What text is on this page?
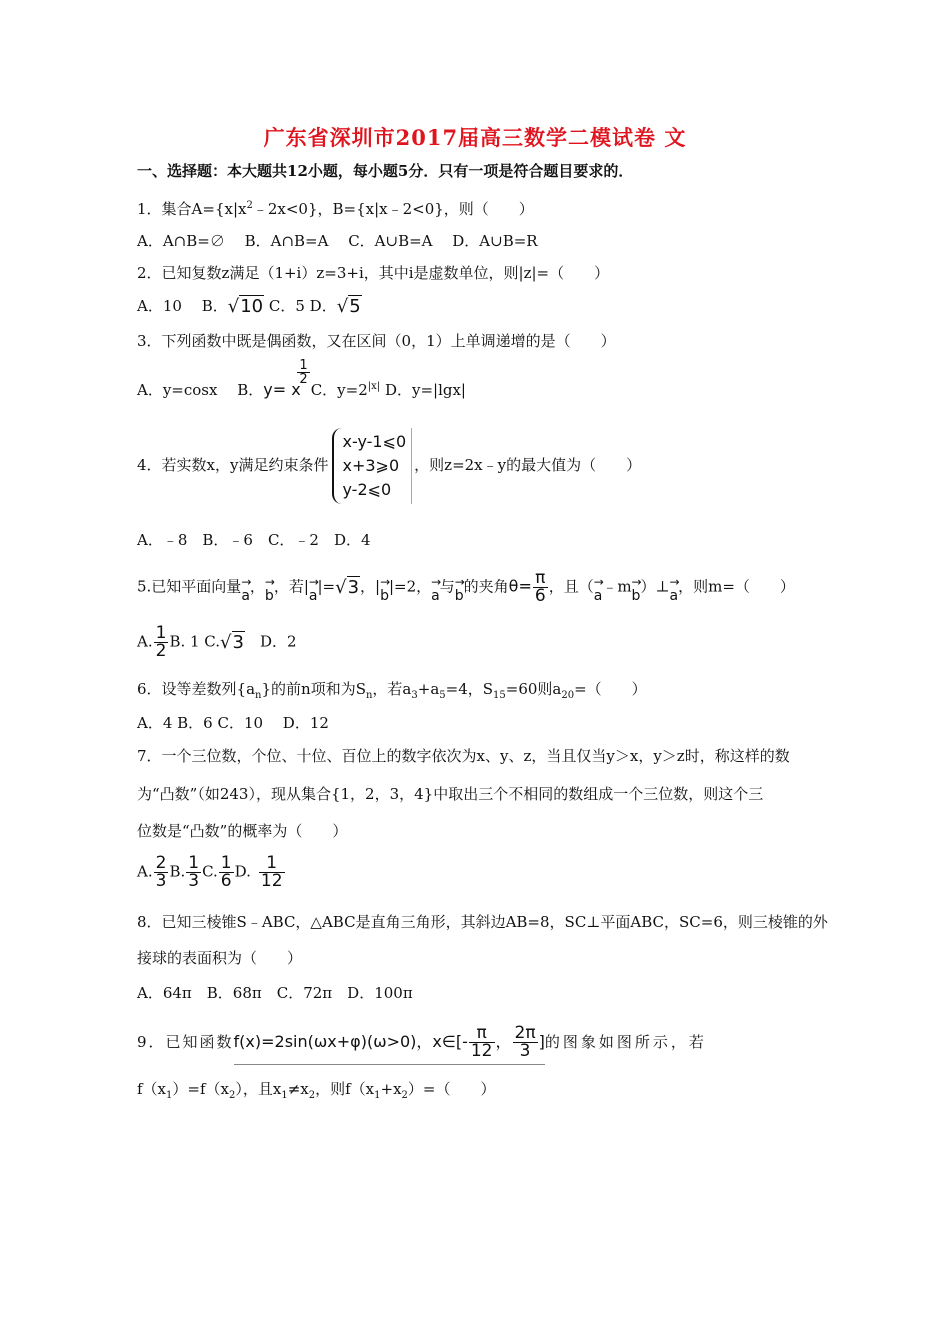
广东省深圳市2017届高三数学二模试卷 文
一、选择题：本大题共12小题，每小题5分．只有一项是符合题目要求的．
1．集合$A=\{x|x^2﹣2x<0\}$，B={x|x﹣2<0}，则（　　）
A．A∩B=∅　 B．A∩B=A　 C．A∪B=A　 D．A∪B=R
2．已知复数z满足（1+i）z=3+i，其中i是虚数单位，则|z|=（　　）
A．10　 B．√10 C．5 D．√5
3．下列函数中既是偶函数，又在区间（0，1）上单调递增的是（　　）
A．y=cosx　 B．y= x
$\frac{1}{2}$
C．$y=2^{|x|}$ D．y=|lgx|
4．若实数x，y满足约束条件
x-y-1⩽0
x+3⩾0
y-2⩽0
，则z=2x﹣y的最大值为（　　）
A．﹣8　B．﹣6　C．﹣2　D．4
5.已知平面向量→ a，→ b，若|→ a|=√3，|→ b|=2，→ a与→ b的夹角$\theta= \frac{\pi}{6}$ ，且（→ a﹣m→ b）⊥→ a，则m=（　　）
A. $\frac{1}{2} B$. 1 C.√3　D．2
6．设等差数列$\{a_n\}$的前n项和为$S_n$，若$a_3+a_5=4$，$S_{15}=60$则$a_{20}=$（　　）
A．4 B．6 C．10　 D．12
7．一个三位数，个位、十位、百位上的数字依次为x、y、z，当且仅当y＞x，y＞z时，称这样的数
为“凸数”（如243），现从集合{1，2，3，4}中取出三个不相同的数组成一个三位数，则这个三
位数是“凸数”的概率为（　　）
A. $\frac{2}{3} B$. $\frac{1}{3} C$. $\frac{1}{6} D$. $\frac{1}{12}$
8．已知三棱锥S﹣ABC，△ABC是直角三角形，其斜边AB=8，SC⊥平面ABC，SC=6，则三棱锥的外
接球的表面积为（　　）
A．64π　B．68π　C．72π　D．100π
9．已知函数f(x)=2sin(ωx+φ)(ω>0)，x∈[- $\frac{\pi}{12}$ ， $\frac{2\pi}{3}$ ]的图象如图所示，若
$f(x_1)=f(x_2)$，且$x_1\ne x_2$，则$f(x_1+x_2)=$（　　）
